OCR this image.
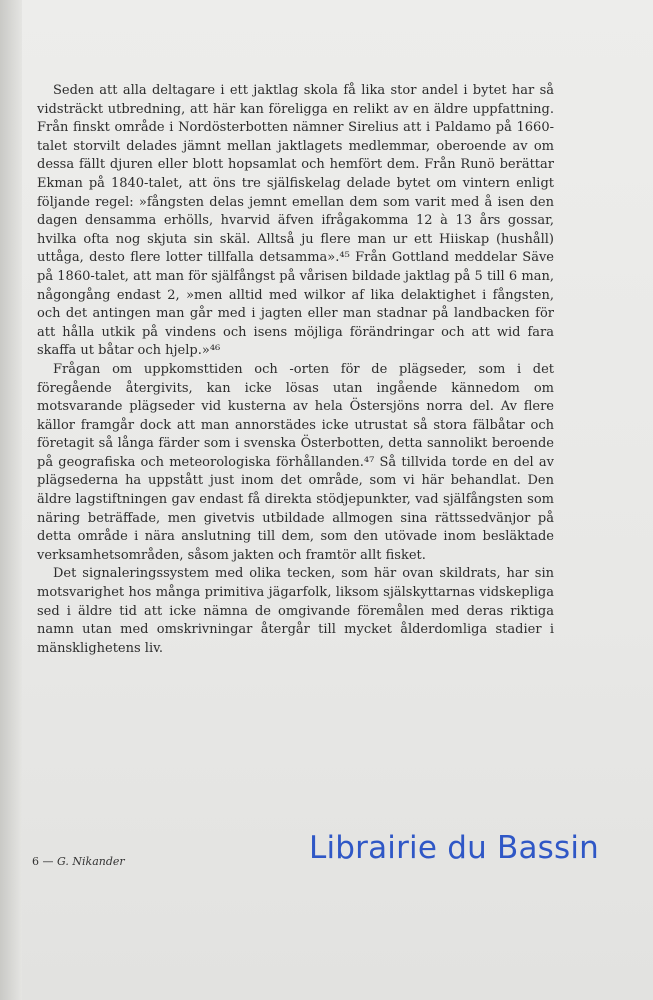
Seden att alla deltagare i ett jaktlag skola få lika stor andel i bytet har så vidsträckt utbredning, att här kan föreligga en relikt av en äldre uppfattning. Från finskt område i Nordösterbotten nämner Sirelius att i Paldamo på 1660-talet storvilt delades jämnt mellan jaktlagets medlemmar, oberoende av om dessa fällt djuren eller blott hopsamlat och hemfört dem. Från Runö berättar Ekman på 1840-talet, att öns tre själfiskelag delade bytet om vintern enligt följande regel: »fångsten delas jemnt emellan dem som varit med å isen den dagen densamma erhölls, hvarvid äfven ifrågakomma 12 à 13 års gossar, hvilka ofta nog skjuta sin skäl. Alltså ju flere man ur ett Hiiskap (hushåll) uttåga, desto flere lotter tillfalla detsamma».⁴⁵ Från Gottland meddelar Säve på 1860-talet, att man för själfångst på vårisen bildade jaktlag på 5 till 6 man, någongång endast 2, »men alltid med wilkor af lika delaktighet i fångsten, och det antingen man går med i jagten eller man stadnar på landbacken för att hålla utkik på vindens och isens möjliga förändringar och att wid fara skaffa ut båtar och hjelp.»⁴⁶

Frågan om uppkomsttiden och -orten för de plägseder, som i det föregående återgivits, kan icke lösas utan ingående kännedom om motsvarande plägseder vid kusterna av hela Östersjöns norra del. Av flere källor framgår dock att man annorstädes icke utrustat så stora fälbåtar och företagit så långa färder som i svenska Österbotten, detta sannolikt beroende på geografiska och meteorologiska förhållanden.⁴⁷ Så tillvida torde en del av plägsederna ha uppstått just inom det område, som vi här behandlat. Den äldre lagstiftningen gav endast få direkta stödjepunkter, vad själfångsten som näring beträffade, men givetvis utbildade allmogen sina rättssedvänjor på detta område i nära anslutning till dem, som den utövade inom besläktade verksamhetsområden, såsom jakten och framtör allt fisket.

Det signaleringssystem med olika tecken, som här ovan skildrats, har sin motsvarighet hos många primitiva jägarfolk, liksom själskyttarnas vidskepliga sed i äldre tid att icke nämna de omgivande föremålen med deras riktiga namn utan med omskrivningar återgår till mycket ålderdomliga stadier i mänsklighetens liv.

6 — G. Nikander	Librairie du Bassin
